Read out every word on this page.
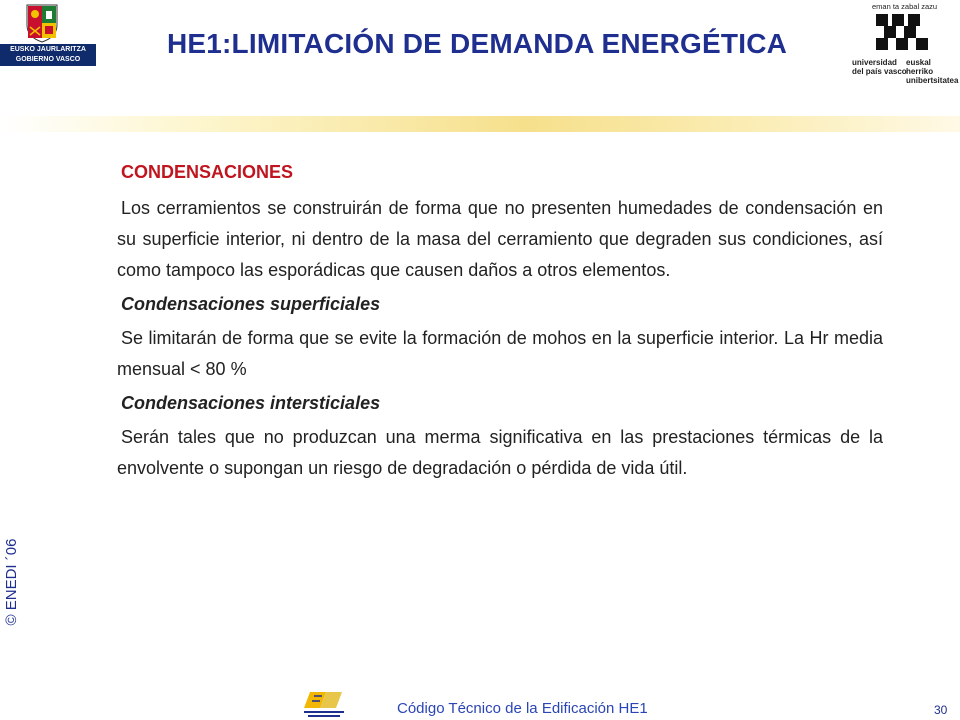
EUSKO JAURLARITZA
GOBIERNO VASCO
HE1:LIMITACIÓN DE DEMANDA ENERGÉTICA
eman ta zabal zazu
universidad
del país vasco
euskal herriko
unibertsitatea
© ENEDI ´06
CONDENSACIONES

Los cerramientos se construirán de forma que no presenten humedades de condensación en su superficie interior, ni dentro de la masa del cerramiento que degraden sus condiciones, así como tampoco las esporádicas que causen daños a otros elementos.

Condensaciones superficiales

Se limitarán de forma que se evite la formación de mohos en la superficie interior. La Hr media mensual < 80 %

Condensaciones intersticiales

Serán tales que no produzcan una merma significativa en las prestaciones térmicas de la envolvente o supongan un riesgo de degradación o pérdida de vida útil.

Código Técnico de la Edificación HE1	30
